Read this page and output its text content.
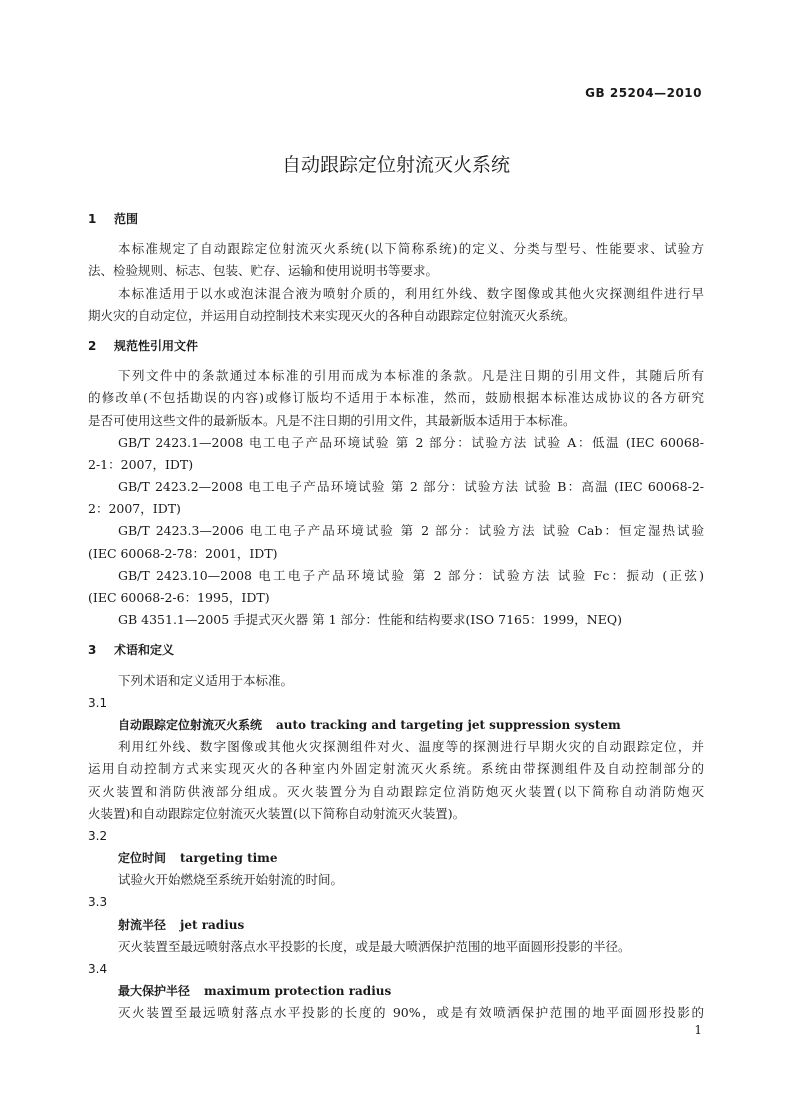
GB 25204—2010
自动跟踪定位射流灭火系统
1 范围
本标准规定了自动跟踪定位射流灭火系统(以下简称系统)的定义、分类与型号、性能要求、试验方
法、检验规则、标志、包装、贮存、运输和使用说明书等要求。
本标准适用于以水或泡沫混合液为喷射介质的，利用红外线、数字图像或其他火灾探测组件进行早
期火灾的自动定位，并运用自动控制技术来实现灭火的各种自动跟踪定位射流灭火系统。
2 规范性引用文件
下列文件中的条款通过本标准的引用而成为本标准的条款。凡是注日期的引用文件，其随后所有
的修改单(不包括勘误的内容)或修订版均不适用于本标准，然而，鼓励根据本标准达成协议的各方研究
是否可使用这些文件的最新版本。凡是不注日期的引用文件，其最新版本适用于本标准。
GB/T 2423.1—2008 电工电子产品环境试验 第 2 部分：试验方法 试验 A：低温 (IEC 60068-
2-1：2007，IDT)
GB/T 2423.2—2008 电工电子产品环境试验 第 2 部分：试验方法 试验 B：高温 (IEC 60068-2-
2：2007，IDT)
GB/T 2423.3—2006 电工电子产品环境试验 第 2 部分：试验方法 试验 Cab：恒定湿热试验
(IEC 60068-2-78：2001，IDT)
GB/T 2423.10—2008 电工电子产品环境试验 第 2 部分：试验方法 试验 Fc：振动 (正弦)
(IEC 60068-2-6：1995，IDT)
GB 4351.1—2005 手提式灭火器 第 1 部分：性能和结构要求(ISO 7165：1999，NEQ)
3 术语和定义
下列术语和定义适用于本标准。
3.1
自动跟踪定位射流灭火系统 auto tracking and targeting jet suppression system
利用红外线、数字图像或其他火灾探测组件对火、温度等的探测进行早期火灾的自动跟踪定位，并
运用自动控制方式来实现灭火的各种室内外固定射流灭火系统。系统由带探测组件及自动控制部分的
灭火装置和消防供液部分组成。灭火装置分为自动跟踪定位消防炮灭火装置(以下简称自动消防炮灭
火装置)和自动跟踪定位射流灭火装置(以下简称自动射流灭火装置)。
3.2
定位时间 targeting time
试验火开始燃烧至系统开始射流的时间。
3.3
射流半径 jet radius
灭火装置至最远喷射落点水平投影的长度，或是最大喷洒保护范围的地平面圆形投影的半径。
3.4
最大保护半径 maximum protection radius
灭火装置至最远喷射落点水平投影的长度的 90%，或是有效喷洒保护范围的地平面圆形投影的
1
